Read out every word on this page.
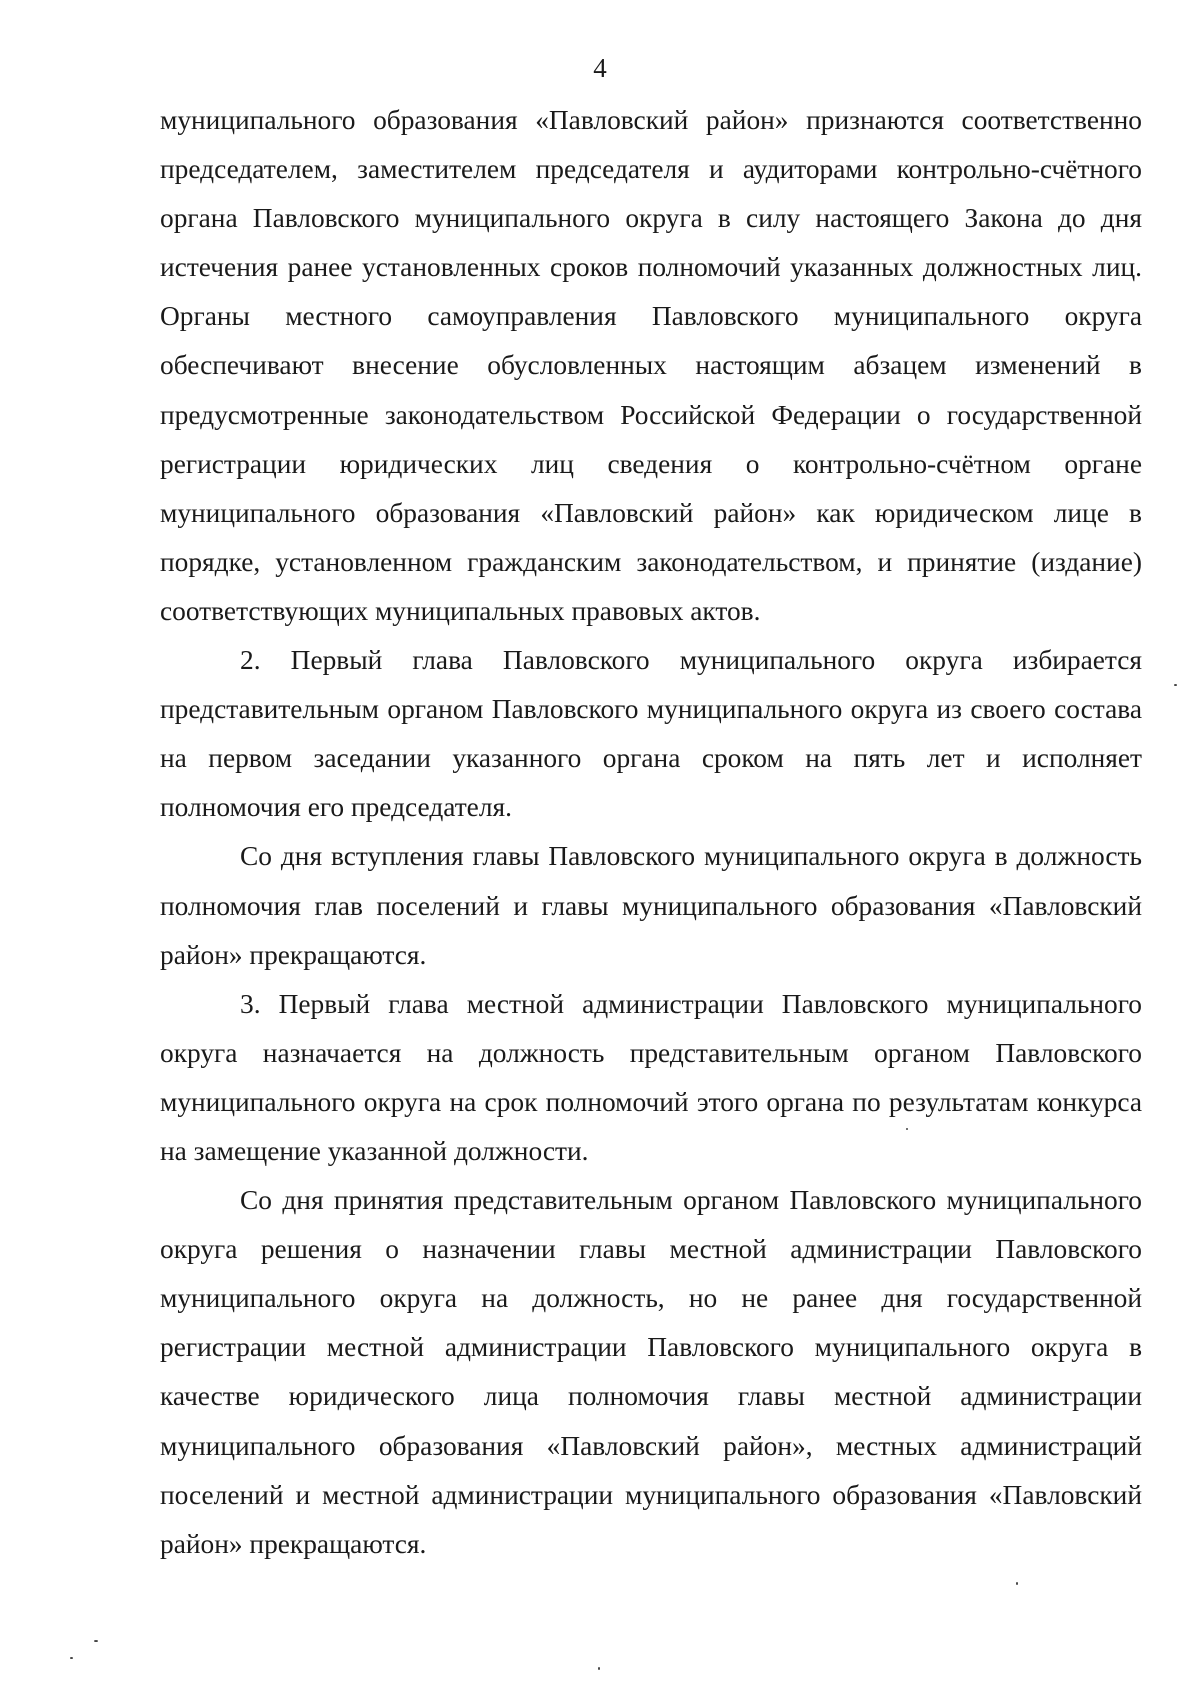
4

муниципального образования «Павловский район» признаются соответственно председателем, заместителем председателя и аудиторами контрольно-счётного органа Павловского муниципального округа в силу настоящего Закона до дня истечения ранее установленных сроков полномочий указанных должностных лиц. Органы местного самоуправления Павловского муниципального округа обеспечивают внесение обусловленных настоящим абзацем изменений в предусмотренные законодательством Российской Федерации о государственной регистрации юридических лиц сведения о контрольно-счётном органе муниципального образования «Павловский район» как юридическом лице в порядке, установленном гражданским законодательством, и принятие (издание) соответствующих муниципальных правовых актов.

2. Первый глава Павловского муниципального округа избирается представительным органом Павловского муниципального округа из своего состава на первом заседании указанного органа сроком на пять лет и исполняет полномочия его председателя.

Со дня вступления главы Павловского муниципального округа в должность полномочия глав поселений и главы муниципального образования «Павловский район» прекращаются.

3. Первый глава местной администрации Павловского муниципального округа назначается на должность представительным органом Павловского муниципального округа на срок полномочий этого органа по результатам конкурса на замещение указанной должности.

Со дня принятия представительным органом Павловского муниципального округа решения о назначении главы местной администрации Павловского муниципального округа на должность, но не ранее дня государственной регистрации местной администрации Павловского муниципального округа в качестве юридического лица полномочия главы местной администрации муниципального образования «Павловский район», местных администраций поселений и местной администрации муниципального образования «Павловский район» прекращаются.
